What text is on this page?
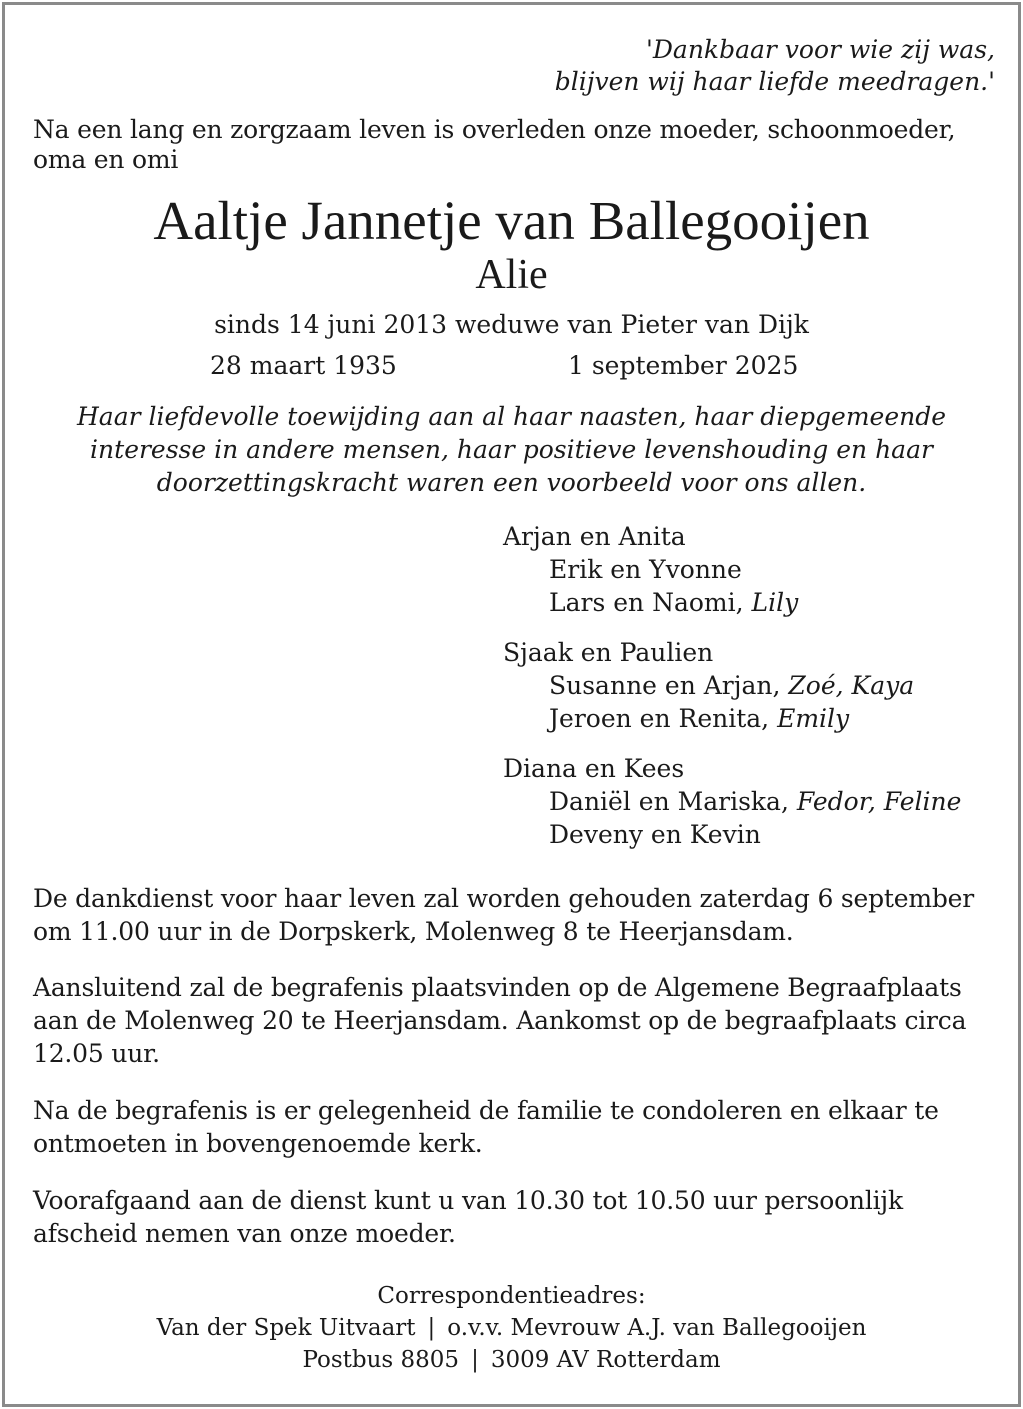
'Dankbaar voor wie zij was,
blijven wij haar liefde meedragen.'
Na een lang en zorgzaam leven is overleden onze moeder, schoonmoeder, oma en omi
Aaltje Jannetje van Ballegooijen
Alie
sinds 14 juni 2013 weduwe van Pieter van Dijk
28 maart 1935	1 september 2025
Haar liefdevolle toewijding aan al haar naasten, haar diepgemeende
interesse in andere mensen, haar positieve levenshouding en haar
doorzettingskracht waren een voorbeeld voor ons allen.
Arjan en Anita
Erik en Yvonne
Lars en Naomi, Lily
Sjaak en Paulien
Susanne en Arjan, Zoé, Kaya
Jeroen en Renita, Emily
Diana en Kees
Daniël en Mariska, Fedor, Feline
Deveny en Kevin
De dankdienst voor haar leven zal worden gehouden zaterdag 6 september om 11.00 uur in de Dorpskerk, Molenweg 8 te Heerjansdam.
Aansluitend zal de begrafenis plaatsvinden op de Algemene Begraafplaats aan de Molenweg 20 te Heerjansdam. Aankomst op de begraafplaats circa 12.05 uur.
Na de begrafenis is er gelegenheid de familie te condoleren en elkaar te ontmoeten in bovengenoemde kerk.
Voorafgaand aan de dienst kunt u van 10.30 tot 10.50 uur persoonlijk afscheid nemen van onze moeder.
Correspondentieadres:
Van der Spek Uitvaart | o.v.v. Mevrouw A.J. van Ballegooijen
Postbus 8805 | 3009 AV Rotterdam
